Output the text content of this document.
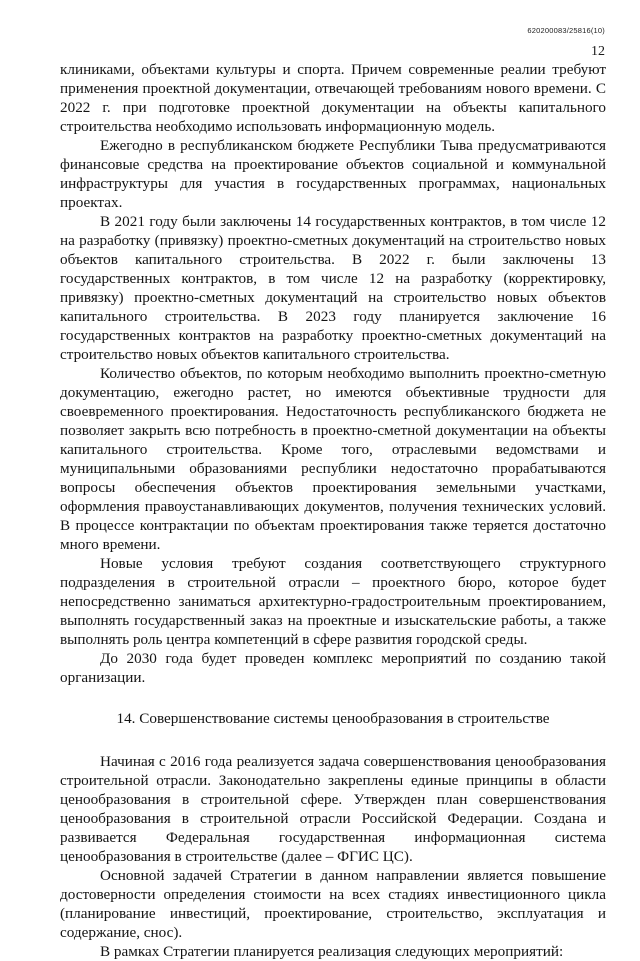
620200083/25816(10)
12

клиниками, объектами культуры и спорта. Причем современные реалии требуют применения проектной документации, отвечающей требованиям нового времени. С 2022 г. при подготовке проектной документации на объекты капитального строительства необходимо использовать информационную модель.

Ежегодно в республиканском бюджете Республики Тыва предусматриваются финансовые средства на проектирование объектов социальной и коммунальной инфраструктуры для участия в государственных программах, национальных проектах.

В 2021 году были заключены 14 государственных контрактов, в том числе 12 на разработку (привязку) проектно-сметных документаций на строительство новых объектов капитального строительства. В 2022 г. были заключены 13 государственных контрактов, в том числе 12 на разработку (корректировку, привязку) проектно-сметных документаций на строительство новых объектов капитального строительства. В 2023 году планируется заключение 16 государственных контрактов на разработку проектно-сметных документаций на строительство новых объектов капитального строительства.

Количество объектов, по которым необходимо выполнить проектно-сметную документацию, ежегодно растет, но имеются объективные трудности для своевременного проектирования. Недостаточность республиканского бюджета не позволяет закрыть всю потребность в проектно-сметной документации на объекты капитального строительства. Кроме того, отраслевыми ведомствами и муниципальными образованиями республики недостаточно прорабатываются вопросы обеспечения объектов проектирования земельными участками, оформления правоустанавливающих документов, получения технических условий. В процессе контрактации по объектам проектирования также теряется достаточно много времени.

Новые условия требуют создания соответствующего структурного подразделения в строительной отрасли – проектного бюро, которое будет непосредственно заниматься архитектурно-градостроительным проектированием, выполнять государственный заказ на проектные и изыскательские работы, а также выполнять роль центра компетенций в сфере развития городской среды.

До 2030 года будет проведен комплекс мероприятий по созданию такой организации.

14. Совершенствование системы ценообразования в строительстве

Начиная с 2016 года реализуется задача совершенствования ценообразования строительной отрасли. Законодательно закреплены единые принципы в области ценообразования в строительной сфере. Утвержден план совершенствования ценообразования в строительной отрасли Российской Федерации. Создана и развивается Федеральная государственная информационная система ценообразования в строительстве (далее – ФГИС ЦС).

Основной задачей Стратегии в данном направлении является повышение достоверности определения стоимости на всех стадиях инвестиционного цикла (планирование инвестиций, проектирование, строительство, эксплуатация и содержание, снос).

В рамках Стратегии планируется реализация следующих мероприятий:
